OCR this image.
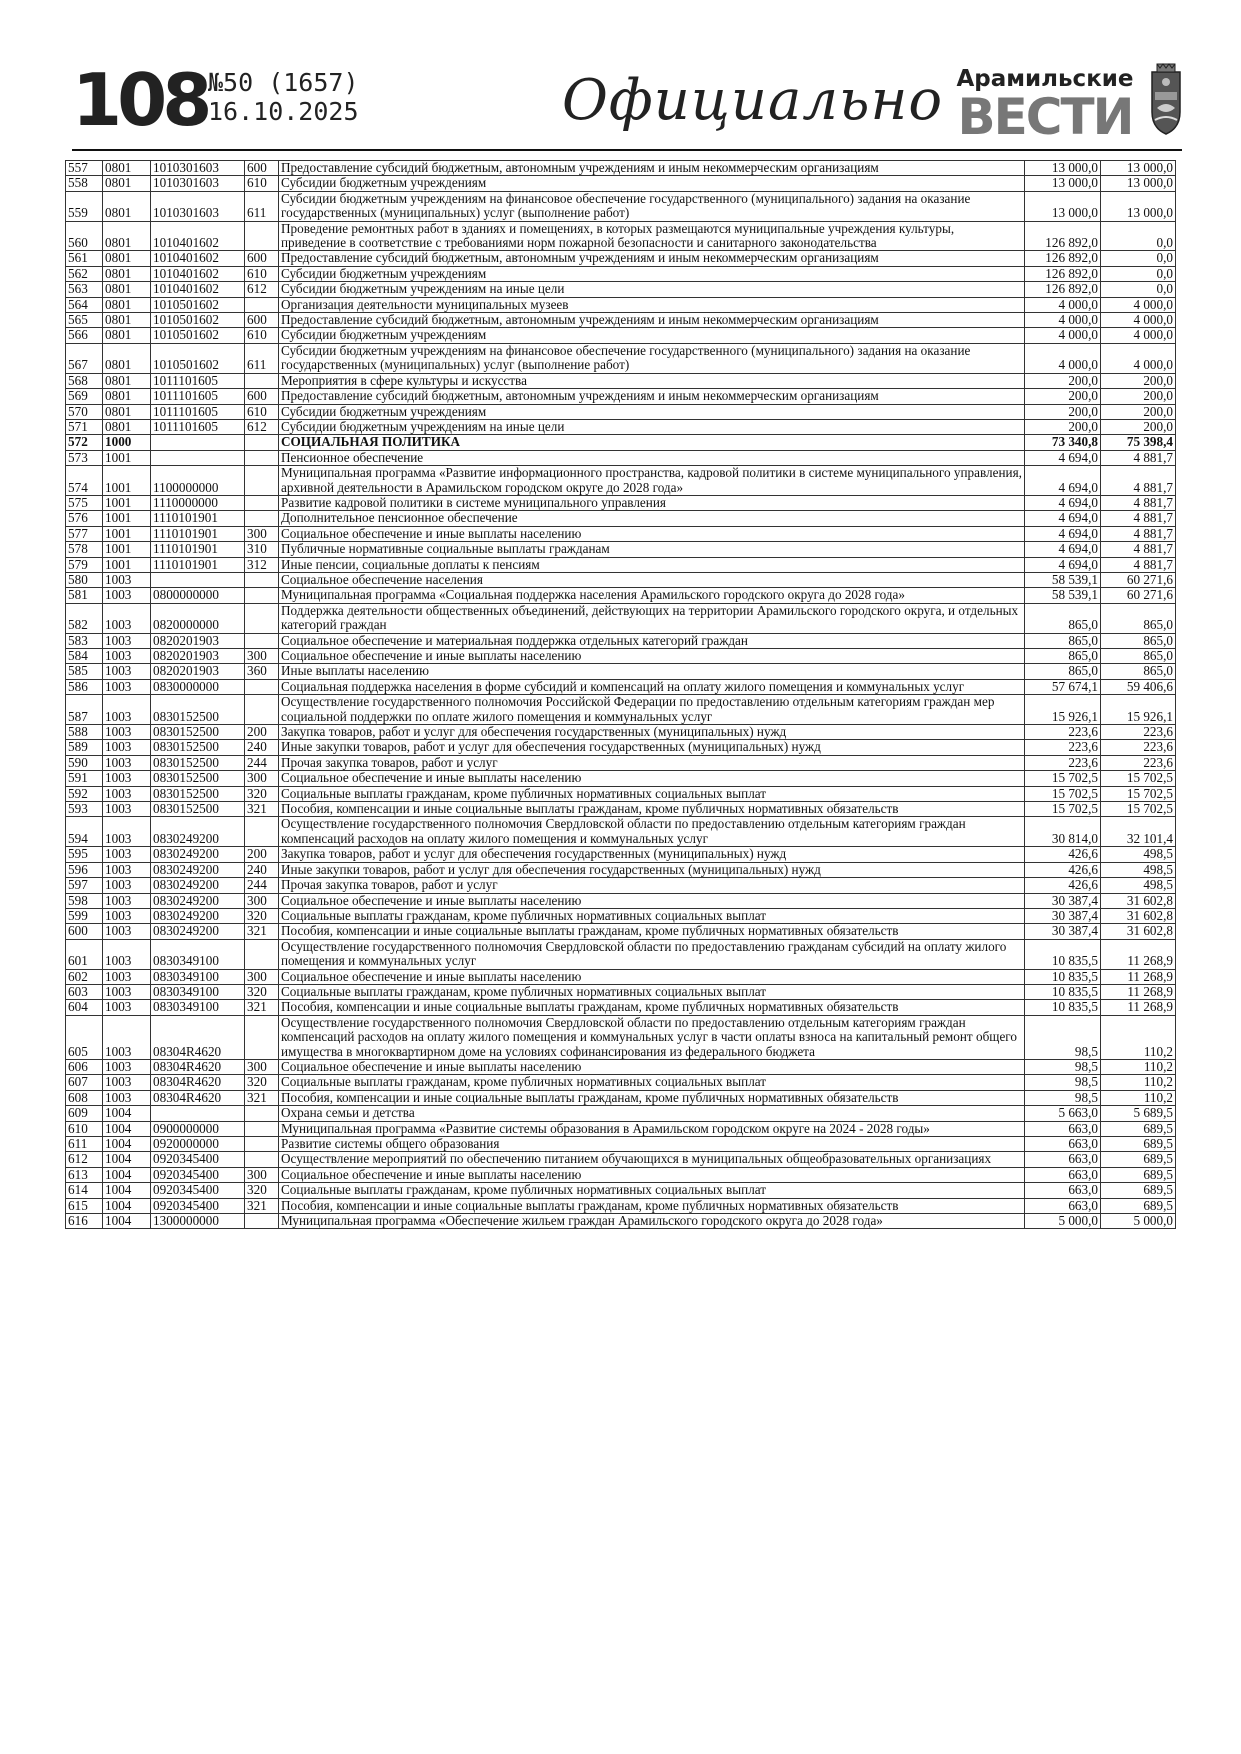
108 №50 (1657)
16.10.2025	Официально Арамильские
ВЕСТИ
557	0801	1010301603	600	Предоставление субсидий бюджетным, автономным учреждениям и иным некоммерческим организациям	13 000,0	13 000,0
558	0801	1010301603	610	Субсидии бюджетным учреждениям	13 000,0	13 000,0
559	0801	1010301603	611	Субсидии бюджетным учреждениям на финансовое обеспечение государственного (муниципального) задания на оказание государственных (муниципальных) услуг (выполнение работ)	13 000,0	13 000,0
560	0801	1010401602		Проведение ремонтных работ в зданиях и помещениях, в которых размещаются муниципальные учреждения культуры, приведение в соответствие с требованиями норм пожарной безопасности и санитарного законодательства	126 892,0	0,0
561	0801	1010401602	600	Предоставление субсидий бюджетным, автономным учреждениям и иным некоммерческим организациям	126 892,0	0,0
562	0801	1010401602	610	Субсидии бюджетным учреждениям	126 892,0	0,0
563	0801	1010401602	612	Субсидии бюджетным учреждениям на иные цели	126 892,0	0,0
564	0801	1010501602		Организация деятельности муниципальных музеев	4 000,0	4 000,0
565	0801	1010501602	600	Предоставление субсидий бюджетным, автономным учреждениям и иным некоммерческим организациям	4 000,0	4 000,0
566	0801	1010501602	610	Субсидии бюджетным учреждениям	4 000,0	4 000,0
567	0801	1010501602	611	Субсидии бюджетным учреждениям на финансовое обеспечение государственного (муниципального) задания на оказание государственных (муниципальных) услуг (выполнение работ)	4 000,0	4 000,0
568	0801	1011101605		Мероприятия в сфере культуры и искусства	200,0	200,0
569	0801	1011101605	600	Предоставление субсидий бюджетным, автономным учреждениям и иным некоммерческим организациям	200,0	200,0
570	0801	1011101605	610	Субсидии бюджетным учреждениям	200,0	200,0
571	0801	1011101605	612	Субсидии бюджетным учреждениям на иные цели	200,0	200,0
572	1000			СОЦИАЛЬНАЯ ПОЛИТИКА	73 340,8	75 398,4
573	1001			Пенсионное обеспечение	4 694,0	4 881,7
574	1001	1100000000		Муниципальная программа «Развитие информационного пространства, кадровой политики в системе муниципального управления, архивной деятельности в Арамильском городском округе до 2028 года»	4 694,0	4 881,7
575	1001	1110000000		Развитие кадровой политики в системе муниципального управления	4 694,0	4 881,7
576	1001	1110101901		Дополнительное пенсионное обеспечение	4 694,0	4 881,7
577	1001	1110101901	300	Социальное обеспечение и иные выплаты населению	4 694,0	4 881,7
578	1001	1110101901	310	Публичные нормативные социальные выплаты гражданам	4 694,0	4 881,7
579	1001	1110101901	312	Иные пенсии, социальные доплаты к пенсиям	4 694,0	4 881,7
580	1003			Социальное обеспечение населения	58 539,1	60 271,6
581	1003	0800000000		Муниципальная программа «Социальная поддержка населения Арамильского городского округа до 2028 года»	58 539,1	60 271,6
582	1003	0820000000		Поддержка деятельности общественных объединений, действующих на территории Арамильского городского округа, и отдельных категорий граждан	865,0	865,0
583	1003	0820201903		Социальное обеспечение и материальная поддержка отдельных категорий граждан	865,0	865,0
584	1003	0820201903	300	Социальное обеспечение и иные выплаты населению	865,0	865,0
585	1003	0820201903	360	Иные выплаты населению	865,0	865,0
586	1003	0830000000		Социальная поддержка населения в форме субсидий и компенсаций на оплату жилого помещения и коммунальных услуг	57 674,1	59 406,6
587	1003	0830152500		Осуществление государственного полномочия Российской Федерации по предоставлению отдельным категориям граждан мер социальной поддержки по оплате жилого помещения и коммунальных услуг	15 926,1	15 926,1
588	1003	0830152500	200	Закупка товаров, работ и услуг для обеспечения государственных (муниципальных) нужд	223,6	223,6
589	1003	0830152500	240	Иные закупки товаров, работ и услуг для обеспечения государственных (муниципальных) нужд	223,6	223,6
590	1003	0830152500	244	Прочая закупка товаров, работ и услуг	223,6	223,6
591	1003	0830152500	300	Социальное обеспечение и иные выплаты населению	15 702,5	15 702,5
592	1003	0830152500	320	Социальные выплаты гражданам, кроме публичных нормативных социальных выплат	15 702,5	15 702,5
593	1003	0830152500	321	Пособия, компенсации и иные социальные выплаты гражданам, кроме публичных нормативных обязательств	15 702,5	15 702,5
594	1003	0830249200		Осуществление государственного полномочия Свердловской области по предоставлению отдельным категориям граждан компенсаций расходов на оплату жилого помещения и коммунальных услуг	30 814,0	32 101,4
595	1003	0830249200	200	Закупка товаров, работ и услуг для обеспечения государственных (муниципальных) нужд	426,6	498,5
596	1003	0830249200	240	Иные закупки товаров, работ и услуг для обеспечения государственных (муниципальных) нужд	426,6	498,5
597	1003	0830249200	244	Прочая закупка товаров, работ и услуг	426,6	498,5
598	1003	0830249200	300	Социальное обеспечение и иные выплаты населению	30 387,4	31 602,8
599	1003	0830249200	320	Социальные выплаты гражданам, кроме публичных нормативных социальных выплат	30 387,4	31 602,8
600	1003	0830249200	321	Пособия, компенсации и иные социальные выплаты гражданам, кроме публичных нормативных обязательств	30 387,4	31 602,8
601	1003	0830349100		Осуществление государственного полномочия Свердловской области по предоставлению гражданам субсидий на оплату жилого помещения и коммунальных услуг	10 835,5	11 268,9
602	1003	0830349100	300	Социальное обеспечение и иные выплаты населению	10 835,5	11 268,9
603	1003	0830349100	320	Социальные выплаты гражданам, кроме публичных нормативных социальных выплат	10 835,5	11 268,9
604	1003	0830349100	321	Пособия, компенсации и иные социальные выплаты гражданам, кроме публичных нормативных обязательств	10 835,5	11 268,9
605	1003	08304R4620		Осуществление государственного полномочия Свердловской области по предоставлению отдельным категориям граждан компенсаций расходов на оплату жилого помещения и коммунальных услуг в части оплаты взноса на капитальный ремонт общего имущества в многоквартирном доме на условиях софинансирования из федерального бюджета	98,5	110,2
606	1003	08304R4620	300	Социальное обеспечение и иные выплаты населению	98,5	110,2
607	1003	08304R4620	320	Социальные выплаты гражданам, кроме публичных нормативных социальных выплат	98,5	110,2
608	1003	08304R4620	321	Пособия, компенсации и иные социальные выплаты гражданам, кроме публичных нормативных обязательств	98,5	110,2
609	1004			Охрана семьи и детства	5 663,0	5 689,5
610	1004	0900000000		Муниципальная программа «Развитие системы образования в Арамильском городском округе на 2024 - 2028 годы»	663,0	689,5
611	1004	0920000000		Развитие системы общего образования	663,0	689,5
612	1004	0920345400		Осуществление мероприятий по обеспечению питанием обучающихся в муниципальных общеобразовательных организациях	663,0	689,5
613	1004	0920345400	300	Социальное обеспечение и иные выплаты населению	663,0	689,5
614	1004	0920345400	320	Социальные выплаты гражданам, кроме публичных нормативных социальных выплат	663,0	689,5
615	1004	0920345400	321	Пособия, компенсации и иные социальные выплаты гражданам, кроме публичных нормативных обязательств	663,0	689,5
616	1004	1300000000		Муниципальная программа «Обеспечение жильем граждан Арамильского городского округа до 2028 года»	5 000,0	5 000,0
